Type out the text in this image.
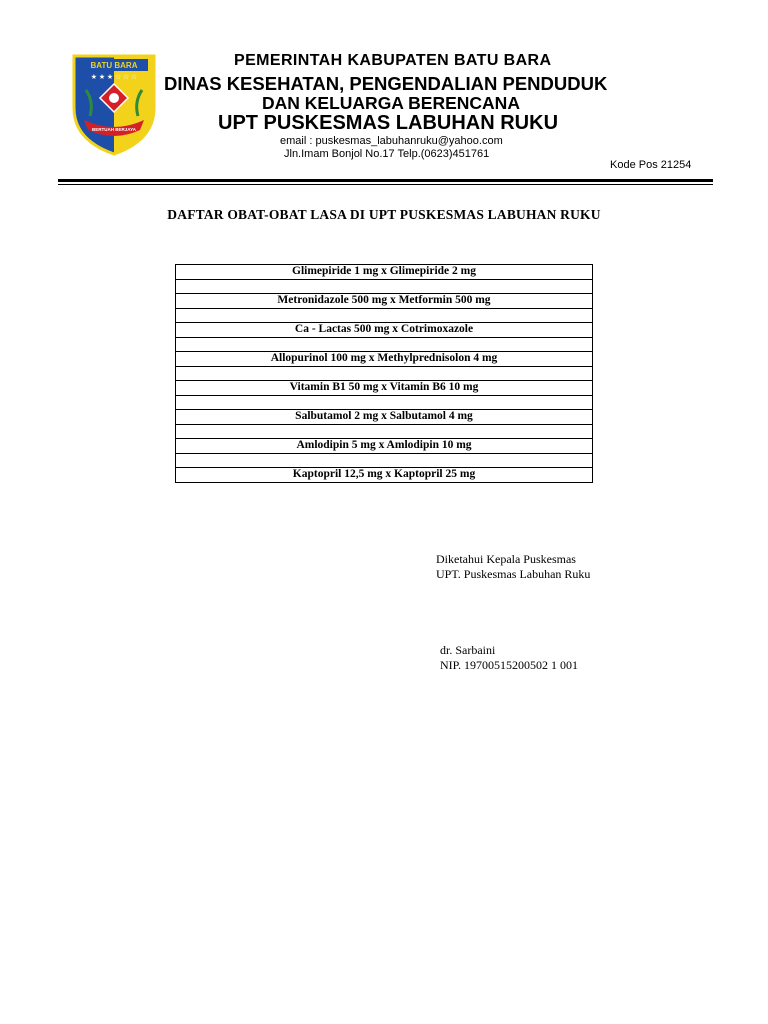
BATU BARA
★ ★ ★ ☆ ☆ ☆
BERTUAH BERJAYA
PEMERINTAH KABUPATEN BATU BARA
DINAS KESEHATAN, PENGENDALIAN PENDUDUK
DAN KELUARGA BERENCANA
UPT PUSKESMAS LABUHAN RUKU
email : puskesmas_labuhanruku@yahoo.com
Jln.Imam Bonjol No.17 Telp.(0623)451761
Kode Pos 21254
DAFTAR OBAT-OBAT LASA DI UPT PUSKESMAS LABUHAN RUKU
Glimepiride 1 mg x Glimepiride 2 mg

Metronidazole 500 mg x Metformin 500 mg

Ca - Lactas 500 mg x Cotrimoxazole

Allopurinol 100 mg x Methylprednisolon 4 mg

Vitamin B1 50 mg x Vitamin B6 10 mg

Salbutamol 2 mg x Salbutamol 4 mg

Amlodipin 5 mg x Amlodipin 10 mg

Kaptopril 12,5 mg x Kaptopril 25 mg
Diketahui Kepala Puskesmas
UPT. Puskesmas Labuhan Ruku
dr. Sarbaini
NIP. 19700515200502 1 001
